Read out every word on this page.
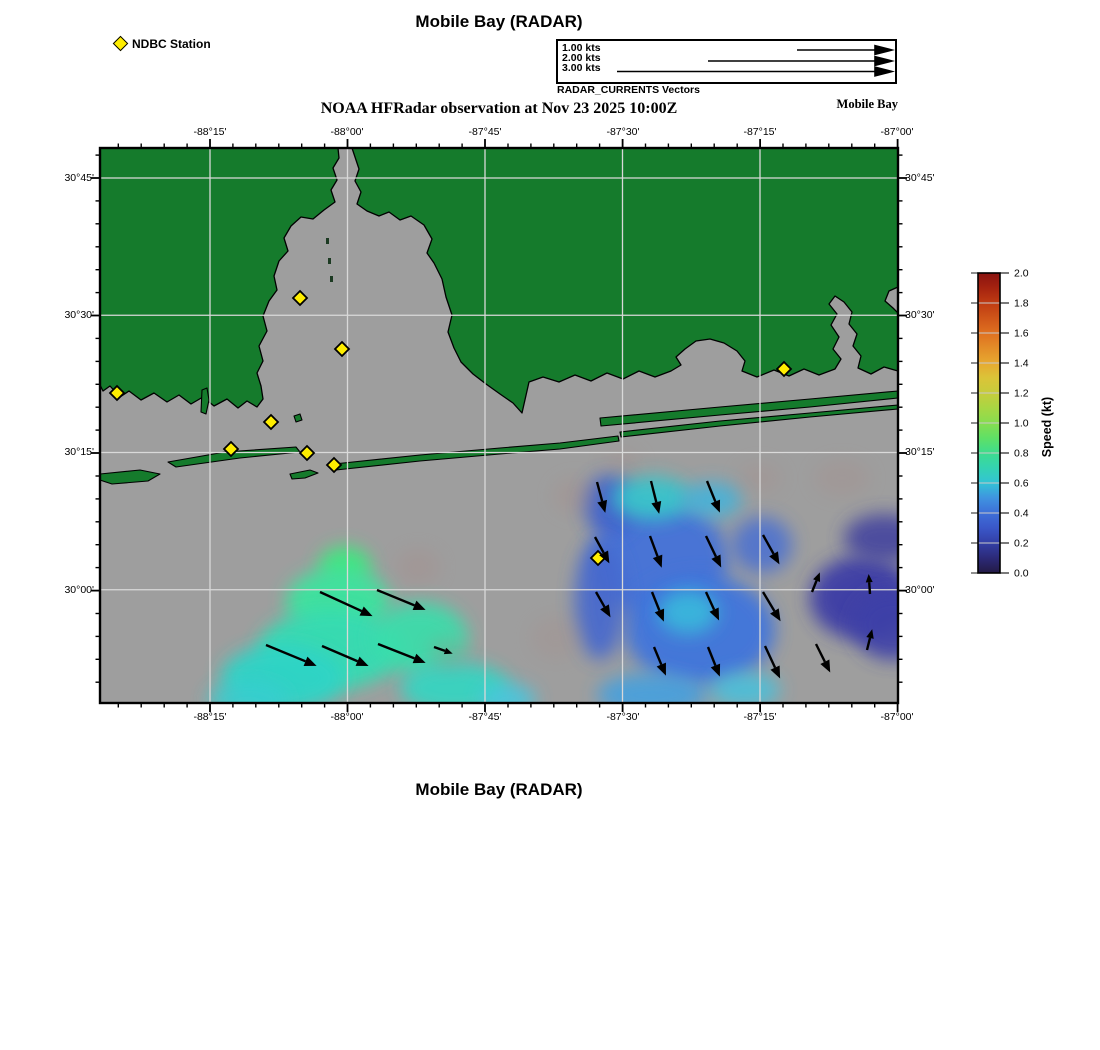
Mobile Bay (RADAR)
NDBC Station	1.00 kts
2.00 kts
3.00 kts
RADAR_CURRENTS Vectors
NOAA HFRadar observation at Nov 23 2025 10:00Z	Mobile Bay
-88°15'
-88°15'
-88°00'
-88°00'
-87°45'
-87°45'
-87°30'
-87°30'
-87°15'
-87°15'
-87°00'
-87°00'
30°45'	30°45'
30°30'	30°30'
30°15'	30°15'
30°00'	30°00'
0.0
0.2
0.4
0.6
0.8
1.0
1.2
1.4
1.6
1.8
2.0
Speed (kt)
Mobile Bay (RADAR)
